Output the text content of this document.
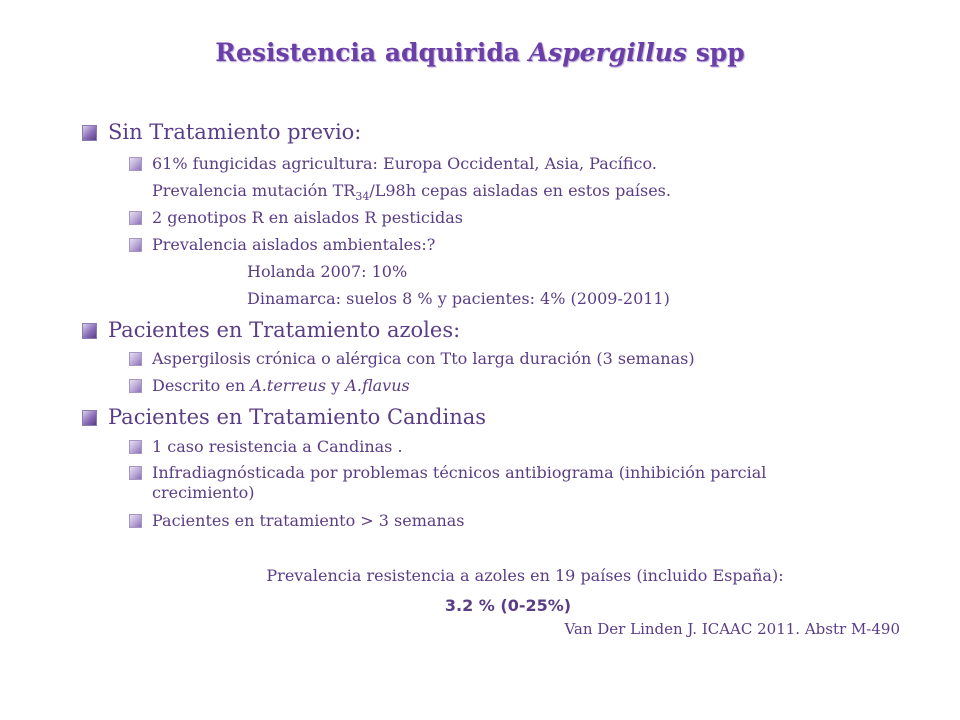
Resistencia adquirida Aspergillus spp
Sin Tratamiento previo:
61% fungicidas agricultura: Europa Occidental, Asia, Pacífico.
Prevalencia mutación $TR_{34}/L98h$ cepas aisladas en estos países.
2 genotipos R en aislados R pesticidas
Prevalencia aislados ambientales:?
Holanda 2007: 10%
Dinamarca: suelos 8 % y pacientes: 4% (2009-2011)
Pacientes en Tratamiento azoles:
Aspergilosis crónica o alérgica con Tto larga duración (3 semanas)
Descrito en A.terreus y A.flavus
Pacientes en Tratamiento Candinas
1 caso resistencia a Candinas .
Infradiagnósticada por problemas técnicos antibiograma (inhibición parcial crecimiento)
Pacientes en tratamiento > 3 semanas
Prevalencia resistencia a azoles en 19 países (incluido España):
3.2 % (0-25%)
Van Der Linden J. ICAAC 2011. Abstr M-490
